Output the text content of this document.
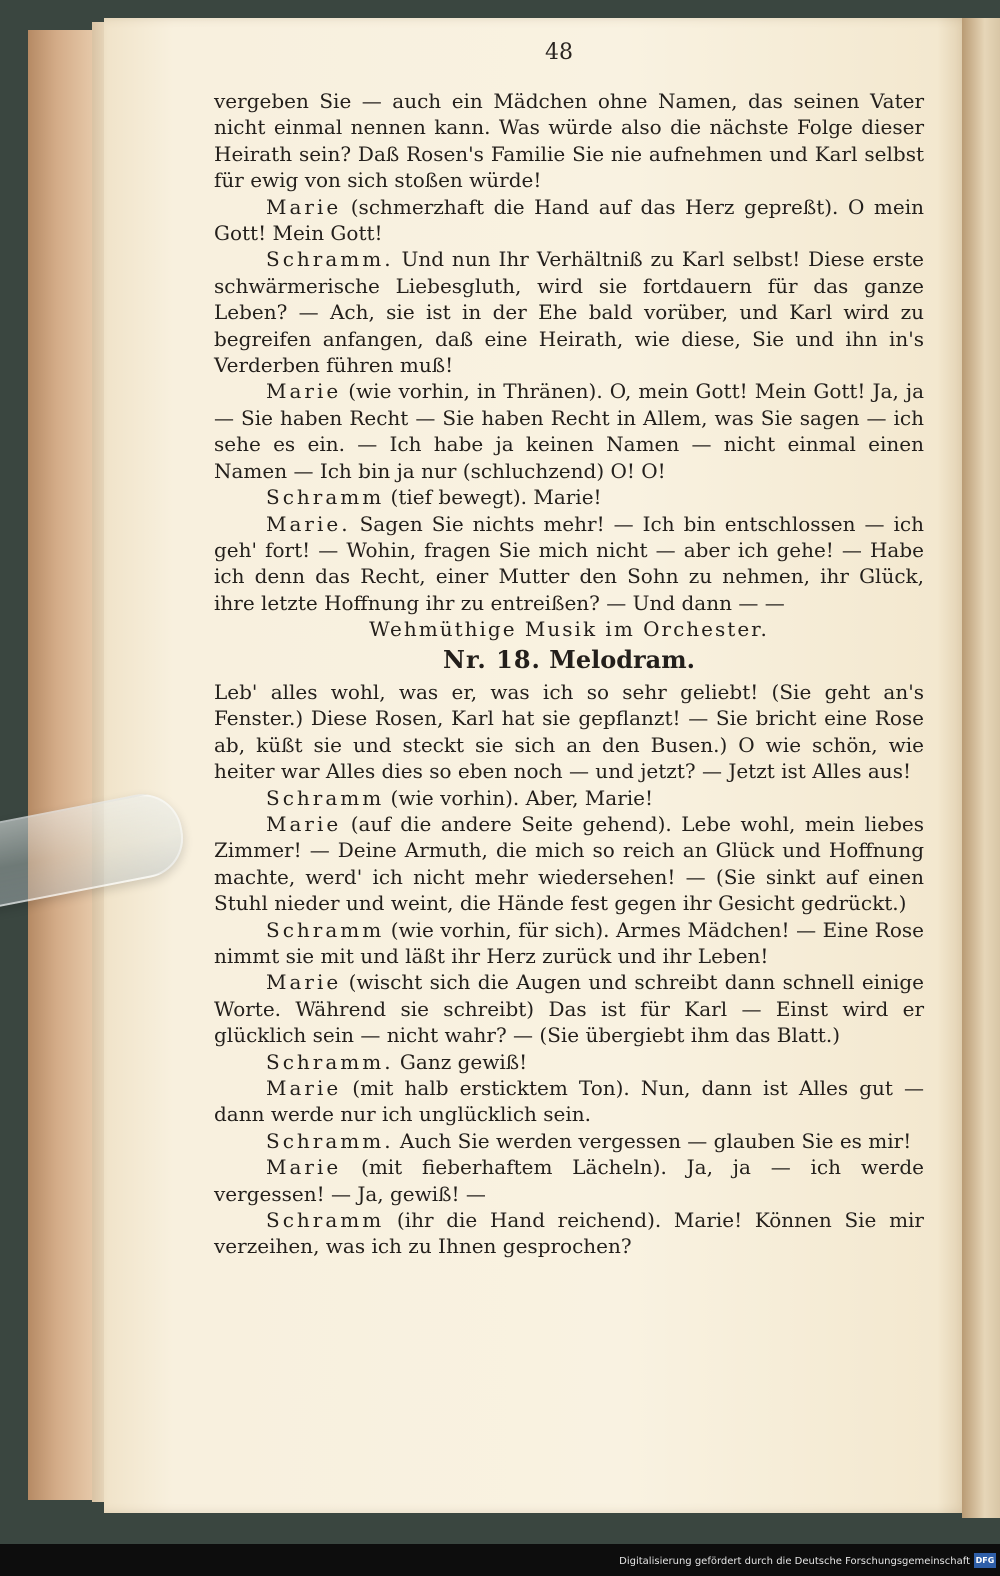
48

vergeben Sie — auch ein Mädchen ohne Namen, das seinen Vater nicht einmal nennen kann. Was würde also die nächste Folge dieser Heirath sein? Daß Rosen's Familie Sie nie aufnehmen und Karl selbst für ewig von sich stoßen würde!

Marie (schmerzhaft die Hand auf das Herz gepreßt). O mein Gott! Mein Gott!

Schramm. Und nun Ihr Verhältniß zu Karl selbst! Diese erste schwärmerische Liebesgluth, wird sie fortdauern für das ganze Leben? — Ach, sie ist in der Ehe bald vorüber, und Karl wird zu begreifen anfangen, daß eine Heirath, wie diese, Sie und ihn in's Verderben führen muß!

Marie (wie vorhin, in Thränen). O, mein Gott! Mein Gott! Ja, ja — Sie haben Recht — Sie haben Recht in Allem, was Sie sagen — ich sehe es ein. — Ich habe ja keinen Namen — nicht einmal einen Namen — Ich bin ja nur (schluchzend) O! O!

Schramm (tief bewegt). Marie!

Marie. Sagen Sie nichts mehr! — Ich bin entschlossen — ich geh' fort! — Wohin, fragen Sie mich nicht — aber ich gehe! — Habe ich denn das Recht, einer Mutter den Sohn zu nehmen, ihr Glück, ihre letzte Hoffnung ihr zu entreißen? — Und dann — —

Wehmüthige Musik im Orchester.

Nr. 18. Melodram.

Leb' alles wohl, was er, was ich so sehr geliebt! (Sie geht an's Fenster.) Diese Rosen, Karl hat sie gepflanzt! — Sie bricht eine Rose ab, küßt sie und steckt sie sich an den Busen.) O wie schön, wie heiter war Alles dies so eben noch — und jetzt? — Jetzt ist Alles aus!

Schramm (wie vorhin). Aber, Marie!

Marie (auf die andere Seite gehend). Lebe wohl, mein liebes Zimmer! — Deine Armuth, die mich so reich an Glück und Hoffnung machte, werd' ich nicht mehr wiedersehen! — (Sie sinkt auf einen Stuhl nieder und weint, die Hände fest gegen ihr Gesicht gedrückt.)

Schramm (wie vorhin, für sich). Armes Mädchen! — Eine Rose nimmt sie mit und läßt ihr Herz zurück und ihr Leben!

Marie (wischt sich die Augen und schreibt dann schnell einige Worte. Während sie schreibt) Das ist für Karl — Einst wird er glücklich sein — nicht wahr? — (Sie übergiebt ihm das Blatt.)

Schramm. Ganz gewiß!

Marie (mit halb ersticktem Ton). Nun, dann ist Alles gut — dann werde nur ich unglücklich sein.

Schramm. Auch Sie werden vergessen — glauben Sie es mir!

Marie (mit fieberhaftem Lächeln). Ja, ja — ich werde vergessen! — Ja, gewiß! —

Schramm (ihr die Hand reichend). Marie! Können Sie mir verzeihen, was ich zu Ihnen gesprochen?

Digitalisierung gefördert durch die Deutsche Forschungsgemeinschaft DFG
